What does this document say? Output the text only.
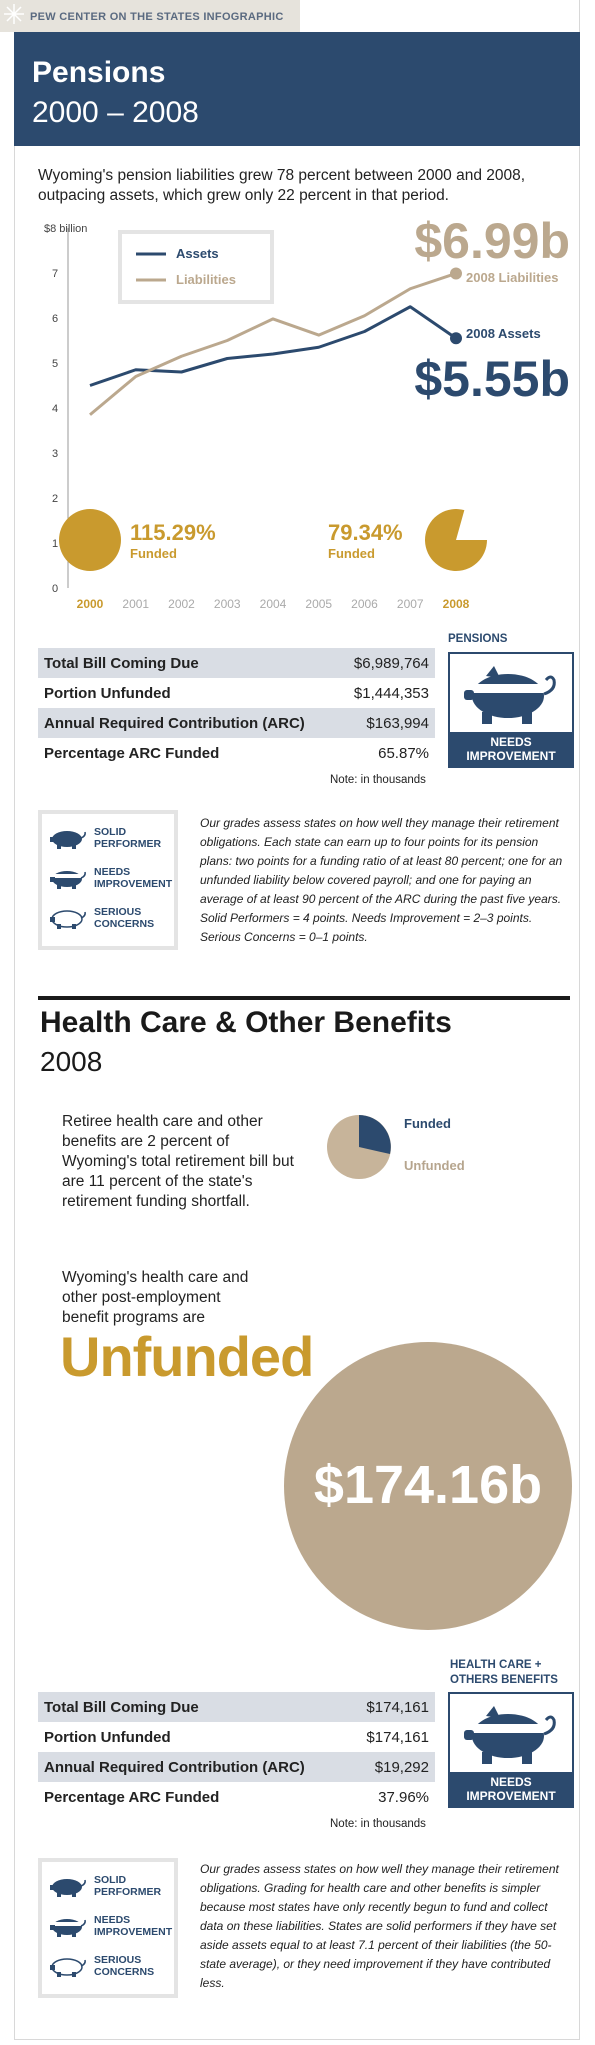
PEW CENTER ON THE STATES INFOGRAPHIC
Pensions
2000 – 2008
Wyoming's pension liabilities grew 78 percent between 2000 and 2008, outpacing assets, which grew only 22 percent in that period.
0
1
2
3
4
5
6
7
$8 billion
2000 2001 2002 2003 2004 2005 2006 2007 2008
Assets
Liabilities
$6.99b
2008 Liabilities
2008 Assets
$5.55b
115.29%
Funded
79.34%
Funded
Total Bill Coming Due	$6,989,764
Portion Unfunded	$1,444,353
Annual Required Contribution (ARC)	$163,994
Percentage ARC Funded	65.87%
Note: in thousands
PENSIONS
NEEDS
IMPROVEMENT
SOLID
PERFORMER
NEEDS
IMPROVEMENT
SERIOUS
CONCERNS
Our grades assess states on how well they manage their retirement obligations. Each state can earn up to four points for its pension plans: two points for a funding ratio of at least 80 percent; one for an unfunded liability below covered payroll; and one for paying an average of at least 90 percent of the ARC during the past five years. Solid Performers = 4 points. Needs Improvement = 2–3 points. Serious Concerns = 0–1 points.
Health Care & Other Benefits
2008
Retiree health care and other benefits are 2 percent of Wyoming's total retirement bill but are 11 percent of the state's retirement funding shortfall.
Funded
Unfunded
Wyoming's health care and other post-employment benefit programs are
Unfunded
$174.16b
HEALTH CARE +
OTHERS BENEFITS
NEEDS
IMPROVEMENT
Total Bill Coming Due	$174,161
Portion Unfunded	$174,161
Annual Required Contribution (ARC)	$19,292
Percentage ARC Funded	37.96%
Note: in thousands
SOLID
PERFORMER
NEEDS
IMPROVEMENT
SERIOUS
CONCERNS
Our grades assess states on how well they manage their retirement obligations. Grading for health care and other benefits is simpler because most states have only recently begun to fund and collect data on these liabilities. States are solid performers if they have set aside assets equal to at least 7.1 percent of their liabilities (the 50-state average), or they need improvement if they have contributed less.
